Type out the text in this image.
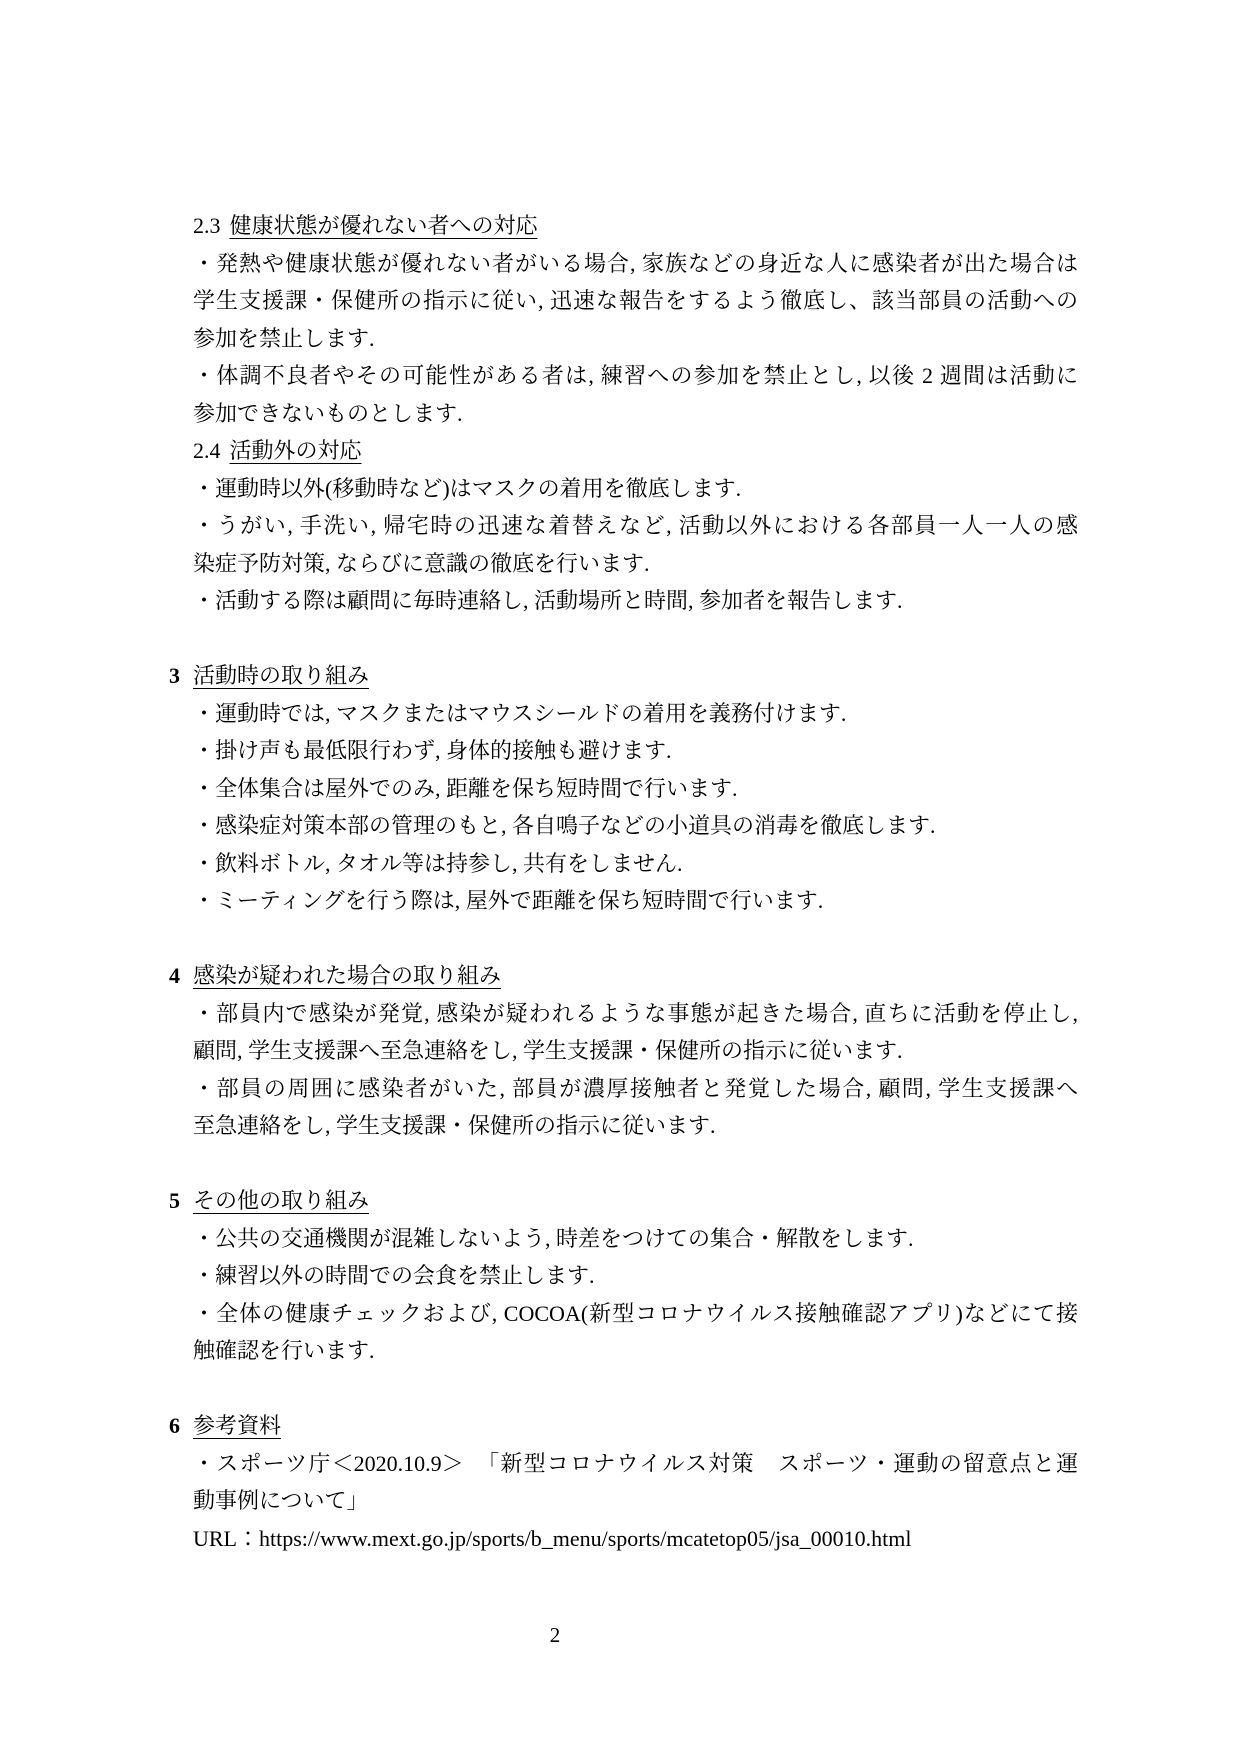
2.3 健康状態が優れない者への対応
・発熱や健康状態が優れない者がいる場合, 家族などの身近な人に感染者が出た場合は
学生支援課・保健所の指示に従い, 迅速な報告をするよう徹底し、該当部員の活動への
参加を禁止します.
・体調不良者やその可能性がある者は, 練習への参加を禁止とし, 以後 2 週間は活動に
参加できないものとします.
2.4 活動外の対応
・運動時以外(移動時など)はマスクの着用を徹底します.
・うがい, 手洗い, 帰宅時の迅速な着替えなど, 活動以外における各部員一人一人の感
染症予防対策, ならびに意識の徹底を行います.
・活動する際は顧問に毎時連絡し, 活動場所と時間, 参加者を報告します.
3 活動時の取り組み
・運動時では, マスクまたはマウスシールドの着用を義務付けます.
・掛け声も最低限行わず, 身体的接触も避けます.
・全体集合は屋外でのみ, 距離を保ち短時間で行います.
・感染症対策本部の管理のもと, 各自鳴子などの小道具の消毒を徹底します.
・飲料ボトル, タオル等は持参し, 共有をしません.
・ミーティングを行う際は, 屋外で距離を保ち短時間で行います.
4 感染が疑われた場合の取り組み
・部員内で感染が発覚, 感染が疑われるような事態が起きた場合, 直ちに活動を停止し,
顧問, 学生支援課へ至急連絡をし, 学生支援課・保健所の指示に従います.
・部員の周囲に感染者がいた, 部員が濃厚接触者と発覚した場合, 顧問, 学生支援課へ
至急連絡をし, 学生支援課・保健所の指示に従います.
5 その他の取り組み
・公共の交通機関が混雑しないよう, 時差をつけての集合・解散をします.
・練習以外の時間での会食を禁止します.
・全体の健康チェックおよび, COCOA(新型コロナウイルス接触確認アプリ)などにて接
触確認を行います.
6 参考資料
・スポーツ庁＜2020.10.9＞　「新型コロナウイルス対策　スポーツ・運動の留意点と運
動事例について」
URL：https://www.mext.go.jp/sports/b_menu/sports/mcatetop05/jsa_00010.html
2
